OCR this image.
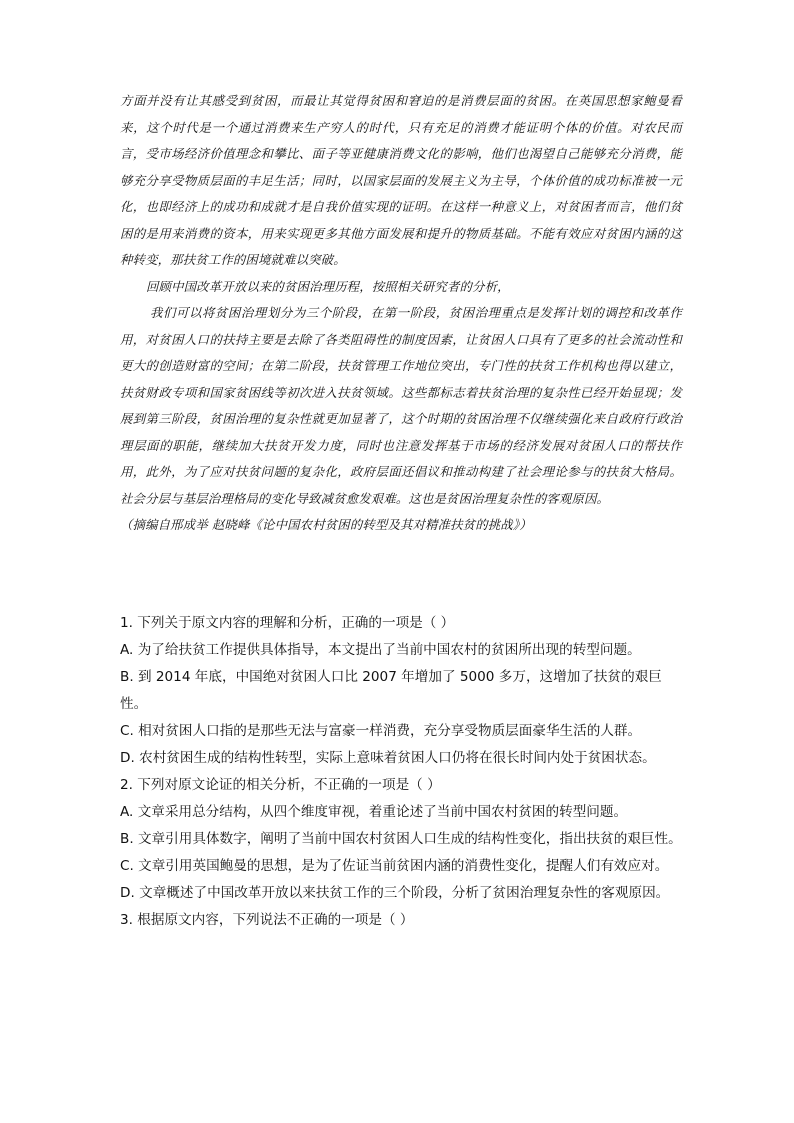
方面并没有让其感受到贫困，而最让其觉得贫困和窘迫的是消费层面的贫困。在英国思想家鲍曼看来，这个时代是一个通过消费来生产穷人的时代，只有充足的消费才能证明个体的价值。对农民而言，受市场经济价值理念和攀比、面子等亚健康消费文化的影响，他们也渴望自己能够充分消费，能够充分享受物质层面的丰足生活；同时，以国家层面的发展主义为主导，个体价值的成功标准被一元化，也即经济上的成功和成就才是自我价值实现的证明。在这样一种意义上，对贫困者而言，他们贫困的是用来消费的资本，用来实现更多其他方面发展和提升的物质基础。不能有效应对贫困内涵的这种转变，那扶贫工作的困境就难以突破。

回顾中国改革开放以来的贫困治理历程，按照相关研究者的分析，

我们可以将贫困治理划分为三个阶段，在第一阶段，贫困治理重点是发挥计划的调控和改革作用，对贫困人口的扶持主要是去除了各类阻碍性的制度因素，让贫困人口具有了更多的社会流动性和更大的创造财富的空间；在第二阶段，扶贫管理工作地位突出，专门性的扶贫工作机构也得以建立，扶贫财政专项和国家贫困线等初次进入扶贫领域。这些都标志着扶贫治理的复杂性已经开始显现；发展到第三阶段，贫困治理的复杂性就更加显著了，这个时期的贫困治理不仅继续强化来自政府行政治理层面的职能，继续加大扶贫开发力度，同时也注意发挥基于市场的经济发展对贫困人口的帮扶作用，此外，为了应对扶贫问题的复杂化，政府层面还倡议和推动构建了社会理论参与的扶贫大格局。社会分层与基层治理格局的变化导致减贫愈发艰难。这也是贫困治理复杂性的客观原因。

（摘编自邢成举 赵晓峰《论中国农村贫困的转型及其对精准扶贫的挑战》）

1. 下列关于原文内容的理解和分析，正确的一项是（ ）

A. 为了给扶贫工作提供具体指导，本文提出了当前中国农村的贫困所出现的转型问题。

B. 到 2014 年底，中国绝对贫困人口比 2007 年增加了 5000 多万，这增加了扶贫的艰巨性。

C. 相对贫困人口指的是那些无法与富豪一样消费，充分享受物质层面豪华生活的人群。

D. 农村贫困生成的结构性转型，实际上意味着贫困人口仍将在很长时间内处于贫困状态。

2. 下列对原文论证的相关分析，不正确的一项是（ ）

A. 文章采用总分结构，从四个维度审视，着重论述了当前中国农村贫困的转型问题。

B. 文章引用具体数字，阐明了当前中国农村贫困人口生成的结构性变化，指出扶贫的艰巨性。

C. 文章引用英国鲍曼的思想，是为了佐证当前贫困内涵的消费性变化，提醒人们有效应对。

D. 文章概述了中国改革开放以来扶贫工作的三个阶段，分析了贫困治理复杂性的客观原因。

3. 根据原文内容，下列说法不正确的一项是（ ）
